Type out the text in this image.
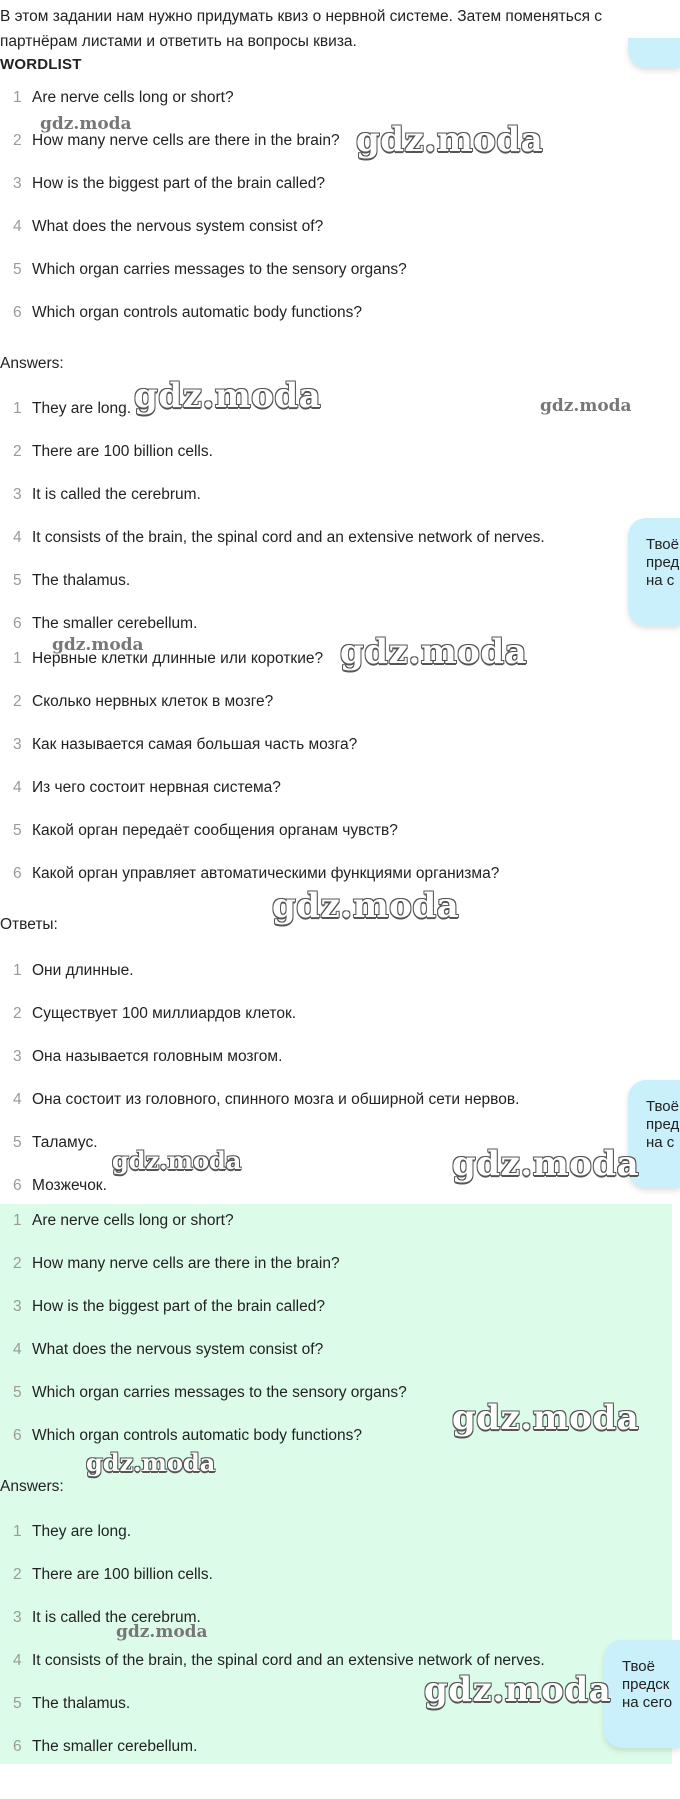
В этом задании нам нужно придумать квиз о нервной системе. Затем поменяться с партнёрам листами и ответить на вопросы квиза.
WORDLIST
1 Are nerve cells long or short?
2 How many nerve cells are there in the brain?
3 How is the biggest part of the brain called?
4 What does the nervous system consist of?
5 Which organ carries messages to the sensory organs?
6 Which organ controls automatic body functions?
Answers:
1 They are long.
2 There are 100 billion cells.
3 It is called the cerebrum.
4 It consists of the brain, the spinal cord and an extensive network of nerves.
5 The thalamus.
6 The smaller cerebellum.
1 Нервные клетки длинные или короткие?
2 Сколько нервных клеток в мозге?
3 Как называется самая большая часть мозга?
4 Из чего состоит нервная система?
5 Какой орган передаёт сообщения органам чувств?
6 Какой орган управляет автоматическими функциями организма?
Ответы:
1 Они длинные.
2 Существует 100 миллиардов клеток.
3 Она называется головным мозгом.
4 Она состоит из головного, спинного мозга и обширной сети нервов.
5 Таламус.
6 Мозжечок.
1 Are nerve cells long or short?
2 How many nerve cells are there in the brain?
3 How is the biggest part of the brain called?
4 What does the nervous system consist of?
5 Which organ carries messages to the sensory organs?
6 Which organ controls automatic body functions?
Answers:
1 They are long.
2 There are 100 billion cells.
3 It is called the cerebrum.
4 It consists of the brain, the spinal cord and an extensive network of nerves.
5 The thalamus.
6 The smaller cerebellum.
Твоё
пред
на с
Твоё
пред
на с
Твоё
предск
на сего
gdz.moda	gdz.moda
gdz.moda	gdz.moda
gdz.moda	gdz.moda
gdz.moda
gdz.moda	gdz.moda
gdz.moda
gdz.moda
gdz.moda
gdz.moda
